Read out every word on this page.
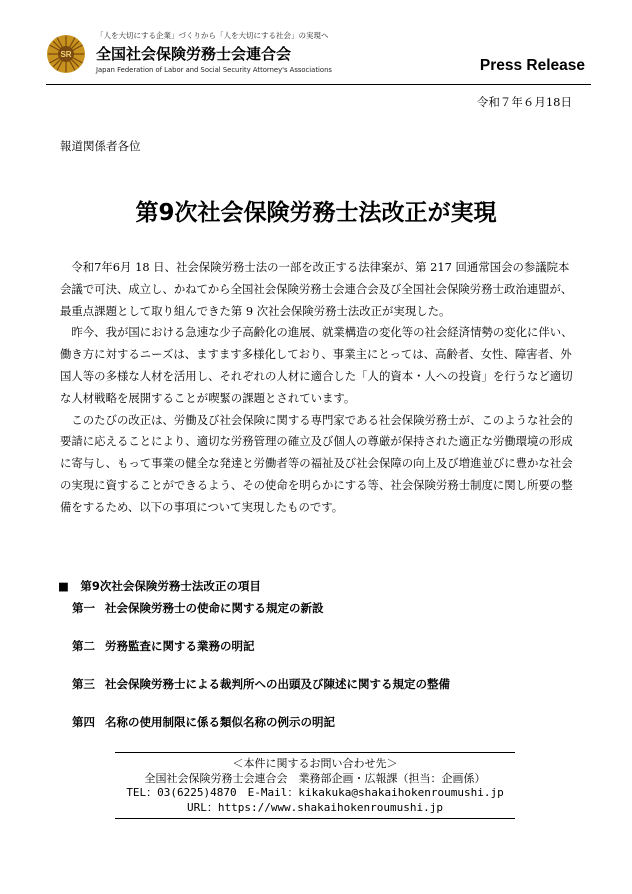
SR
「人を大切にする企業」づくりから「人を大切にする社会」の実現へ
全国社会保険労務士会連合会
Japan Federation of Labor and Social Security Attorney's Associations	Press Release
令和７年６月18日
報道関係者各位
第9次社会保険労務士法改正が実現

令和7年6月 18 日、社会保険労務士法の一部を改正する法律案が、第 217 回通常国会の参議院本会議で可決、成立し、かねてから全国社会保険労務士会連合会及び全国社会保険労務士政治連盟が、最重点課題として取り組んできた第 9 次社会保険労務士法改正が実現した。

昨今、我が国における急速な少子高齢化の進展、就業構造の変化等の社会経済情勢の変化に伴い、働き方に対するニーズは、ますます多様化しており、事業主にとっては、高齢者、女性、障害者、外国人等の多様な人材を活用し、それぞれの人材に適合した「人的資本・人への投資」を行うなど適切な人材戦略を展開することが喫緊の課題とされています。

このたびの改正は、労働及び社会保険に関する専門家である社会保険労務士が、このような社会的要請に応えることにより、適切な労務管理の確立及び個人の尊厳が保持された適正な労働環境の形成に寄与し、もって事業の健全な発達と労働者等の福祉及び社会保障の向上及び増進並びに豊かな社会の実現に資することができるよう、その使命を明らかにする等、社会保険労務士制度に関し所要の整備をするため、以下の事項について実現したものです。

■　第9次社会保険労務士法改正の項目
第一 社会保険労務士の使命に関する規定の新設
第二 労務監査に関する業務の明記
第三 社会保険労務士による裁判所への出頭及び陳述に関する規定の整備
第四 名称の使用制限に係る類似名称の例示の明記
＜本件に関するお問い合わせ先＞
全国社会保険労務士会連合会　業務部企画・広報課（担当：企画係）
TEL：03(6225)4870　E-Mail：kikakuka@shakaihokenroumushi.jp
URL：https://www.shakaihokenroumushi.jp
